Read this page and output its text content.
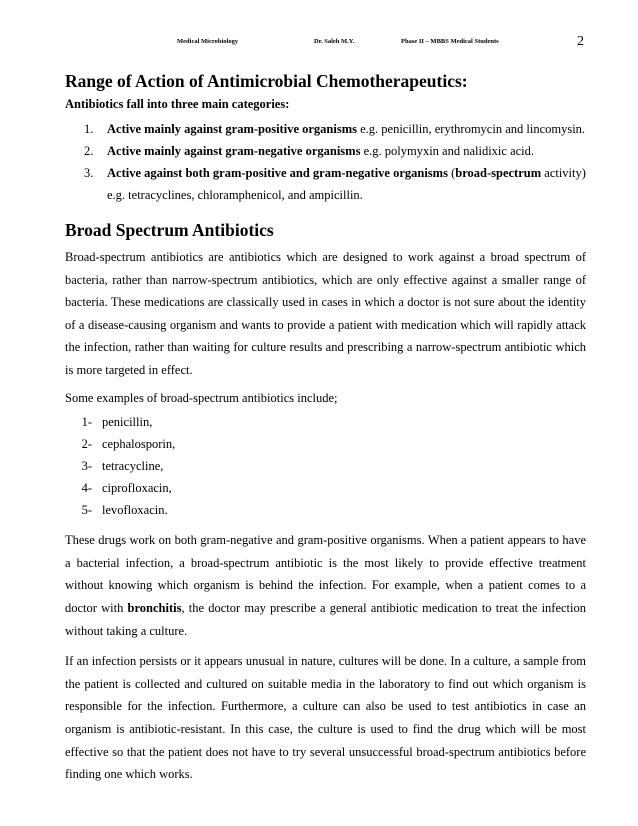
Medical Microbiology	Dr. Saleh M.Y.	Phase II – MBBS Medical Students	2
Range of Action of Antimicrobial Chemotherapeutics:

Antibiotics fall into three main categories:

1. Active mainly against gram-positive organisms e.g. penicillin, erythromycin and lincomysin.
2. Active mainly against gram-negative organisms e.g. polymyxin and nalidixic acid.
3. Active against both gram-positive and gram-negative organisms (broad-spectrum activity) e.g. tetracyclines, chloramphenicol, and ampicillin.
Broad Spectrum Antibiotics

Broad-spectrum antibiotics are antibiotics which are designed to work against a broad spectrum of bacteria, rather than narrow-spectrum antibiotics, which are only effective against a smaller range of bacteria. These medications are classically used in cases in which a doctor is not sure about the identity of a disease-causing organism and wants to provide a patient with medication which will rapidly attack the infection, rather than waiting for culture results and prescribing a narrow-spectrum antibiotic which is more targeted in effect.

Some examples of broad-spectrum antibiotics include;

1- penicillin,
2- cephalosporin,
3- tetracycline,
4- ciprofloxacin,
5- levofloxacin.

These drugs work on both gram-negative and gram-positive organisms. When a patient appears to have a bacterial infection, a broad-spectrum antibiotic is the most likely to provide effective treatment without knowing which organism is behind the infection. For example, when a patient comes to a doctor with bronchitis, the doctor may prescribe a general antibiotic medication to treat the infection without taking a culture.

If an infection persists or it appears unusual in nature, cultures will be done. In a culture, a sample from the patient is collected and cultured on suitable media in the laboratory to find out which organism is responsible for the infection. Furthermore, a culture can also be used to test antibiotics in case an organism is antibiotic-resistant. In this case, the culture is used to find the drug which will be most effective so that the patient does not have to try several unsuccessful broad-spectrum antibiotics before finding one which works.
